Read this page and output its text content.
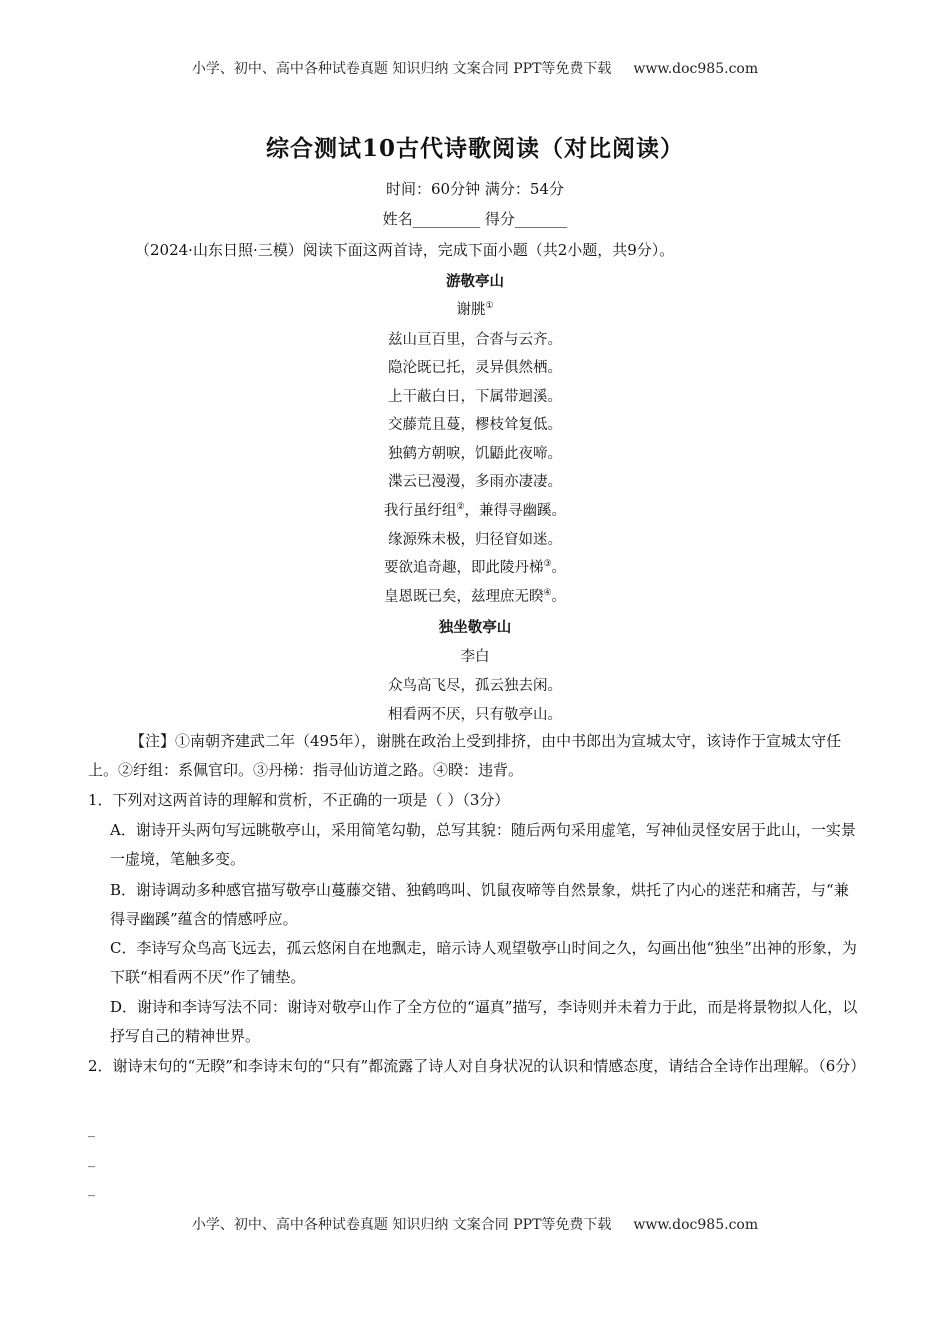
小学、初中、高中各种试卷真题 知识归纳 文案合同 PPT等免费下载 www.doc985.com
综合测试10古代诗歌阅读（对比阅读）
时间：60分钟 满分：54分
姓名_________ 得分_______
（2024·山东日照·三模）阅读下面这两首诗，完成下面小题（共2小题，共9分）。
游敬亭山
谢朓①
兹山亘百里，合沓与云齐。
隐沦既已托，灵异俱然栖。
上干蔽白日，下属带迴溪。
交藤荒且蔓，樛枝耸复低。
独鹤方朝唳，饥鼯此夜啼。
渫云已漫漫，多雨亦凄凄。
我行虽纡组②，兼得寻幽蹊。
缘源殊未极，归径窅如迷。
要欲追奇趣，即此陵丹梯③。
皇恩既已矣，兹理庶无睽④。
独坐敬亭山
李白
众鸟高飞尽，孤云独去闲。
相看两不厌，只有敬亭山。
【注】①南朝齐建武二年（495年），谢朓在政治上受到排挤，由中书郎出为宣城太守，该诗作于宣城太守任上。②纡组：系佩官印。③丹梯：指寻仙访道之路。④睽：违背。
1．下列对这两首诗的理解和赏析，不正确的一项是（ ）（3分）
A．谢诗开头两句写远眺敬亭山，采用简笔勾勒，总写其貌：随后两句采用虚笔，写神仙灵怪安居于此山，一实景一虚境，笔触多变。
B．谢诗调动多种感官描写敬亭山蔓藤交错、独鹤鸣叫、饥鼠夜啼等自然景象，烘托了内心的迷茫和痛苦，与“兼得寻幽蹊”蕴含的情感呼应。
C．李诗写众鸟高飞远去，孤云悠闲自在地飘走，暗示诗人观望敬亭山时间之久，勾画出他“独坐”出神的形象，为下联“相看两不厌”作了铺垫。
D．谢诗和李诗写法不同：谢诗对敬亭山作了全方位的“逼真”描写，李诗则并未着力于此，而是将景物拟人化，以抒写自己的精神世界。
2．谢诗末句的“无睽”和李诗末句的“只有”都流露了诗人对自身状况的认识和情感态度，请结合全诗作出理解。（6分）
_
_
_
小学、初中、高中各种试卷真题 知识归纳 文案合同 PPT等免费下载 www.doc985.com
